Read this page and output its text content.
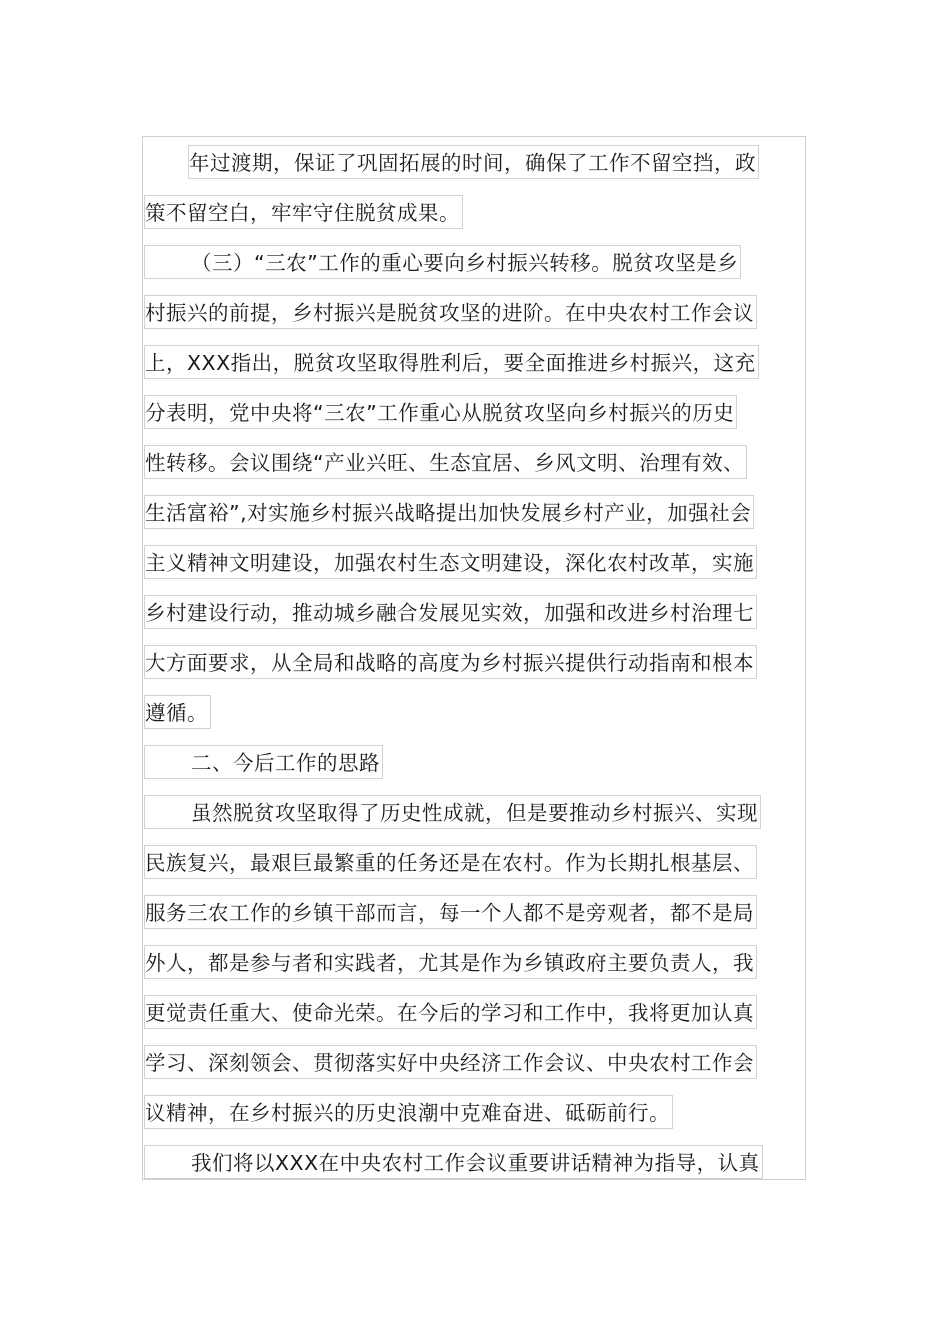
年过渡期，保证了巩固拓展的时间，确保了工作不留空挡，政
策不留空白，牢牢守住脱贫成果。
（三）“三农”工作的重心要向乡村振兴转移。脱贫攻坚是乡
村振兴的前提，乡村振兴是脱贫攻坚的进阶。在中央农村工作会议
上，XXX指出，脱贫攻坚取得胜利后，要全面推进乡村振兴，这充
分表明，党中央将“三农”工作重心从脱贫攻坚向乡村振兴的历史
性转移。会议围绕“产业兴旺、生态宜居、乡风文明、治理有效、
生活富裕”,对实施乡村振兴战略提出加快发展乡村产业，加强社会
主义精神文明建设，加强农村生态文明建设，深化农村改革，实施
乡村建设行动，推动城乡融合发展见实效，加强和改进乡村治理七
大方面要求，从全局和战略的高度为乡村振兴提供行动指南和根本
遵循。
二、今后工作的思路
虽然脱贫攻坚取得了历史性成就，但是要推动乡村振兴、实现
民族复兴，最艰巨最繁重的任务还是在农村。作为长期扎根基层、
服务三农工作的乡镇干部而言，每一个人都不是旁观者，都不是局
外人，都是参与者和实践者，尤其是作为乡镇政府主要负责人，我
更觉责任重大、使命光荣。在今后的学习和工作中，我将更加认真
学习、深刻领会、贯彻落实好中央经济工作会议、中央农村工作会
议精神，在乡村振兴的历史浪潮中克难奋进、砥砺前行。
我们将以XXX在中央农村工作会议重要讲话精神为指导，认真
